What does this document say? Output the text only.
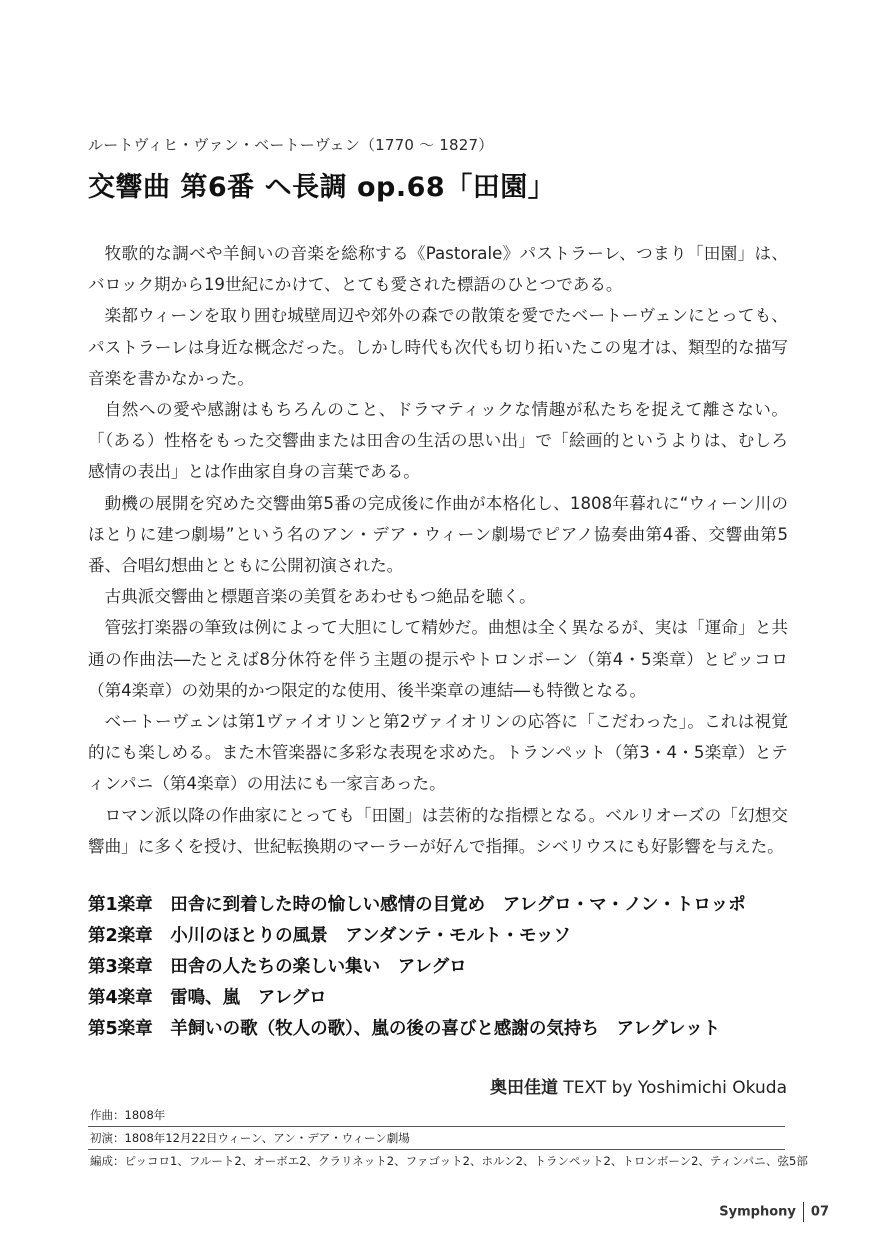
ルートヴィヒ・ヴァン・ベートーヴェン（1770 ～ 1827）
交響曲 第6番 ヘ長調 op.68「田園」

牧歌的な調べや羊飼いの音楽を総称する《Pastorale》パストラーレ、つまり「田園」は、バロック期から19世紀にかけて、とても愛された標語のひとつである。

楽都ウィーンを取り囲む城壁周辺や郊外の森での散策を愛でたベートーヴェンにとっても、パストラーレは身近な概念だった。しかし時代も次代も切り拓いたこの鬼才は、類型的な描写音楽を書かなかった。

自然への愛や感謝はもちろんのこと、ドラマティックな情趣が私たちを捉えて離さない。「（ある）性格をもった交響曲または田舎の生活の思い出」で「絵画的というよりは、むしろ感情の表出」とは作曲家自身の言葉である。

動機の展開を究めた交響曲第5番の完成後に作曲が本格化し、1808年暮れに“ウィーン川のほとりに建つ劇場”という名のアン・デア・ウィーン劇場でピアノ協奏曲第4番、交響曲第5番、合唱幻想曲とともに公開初演された。

古典派交響曲と標題音楽の美質をあわせもつ絶品を聴く。

管弦打楽器の筆致は例によって大胆にして精妙だ。曲想は全く異なるが、実は「運命」と共通の作曲法―たとえば8分休符を伴う主題の提示やトロンボーン（第4・5楽章）とピッコロ（第4楽章）の効果的かつ限定的な使用、後半楽章の連結―も特徴となる。

ベートーヴェンは第1ヴァイオリンと第2ヴァイオリンの応答に「こだわった」。これは視覚的にも楽しめる。また木管楽器に多彩な表現を求めた。トランペット（第3・4・5楽章）とティンパニ（第4楽章）の用法にも一家言あった。

ロマン派以降の作曲家にとっても「田園」は芸術的な指標となる。ベルリオーズの「幻想交響曲」に多くを授け、世紀転換期のマーラーが好んで指揮。シベリウスにも好影響を与えた。

第1楽章 田舎に到着した時の愉しい感情の目覚め アレグロ・マ・ノン・トロッポ
第2楽章 小川のほとりの風景 アンダンテ・モルト・モッソ
第3楽章 田舎の人たちの楽しい集い アレグロ
第4楽章 雷鳴、嵐 アレグロ
第5楽章 羊飼いの歌（牧人の歌）、嵐の後の喜びと感謝の気持ち アレグレット
奥田佳道 TEXT by Yoshimichi Okuda
作曲：1808年
初演：1808年12月22日ウィーン、アン・デア・ウィーン劇場
編成：ピッコロ1、フルート2、オーボエ2、クラリネット2、ファゴット2、ホルン2、トランペット2、トロンボーン2、ティンパニ、弦5部
Symphony 07
